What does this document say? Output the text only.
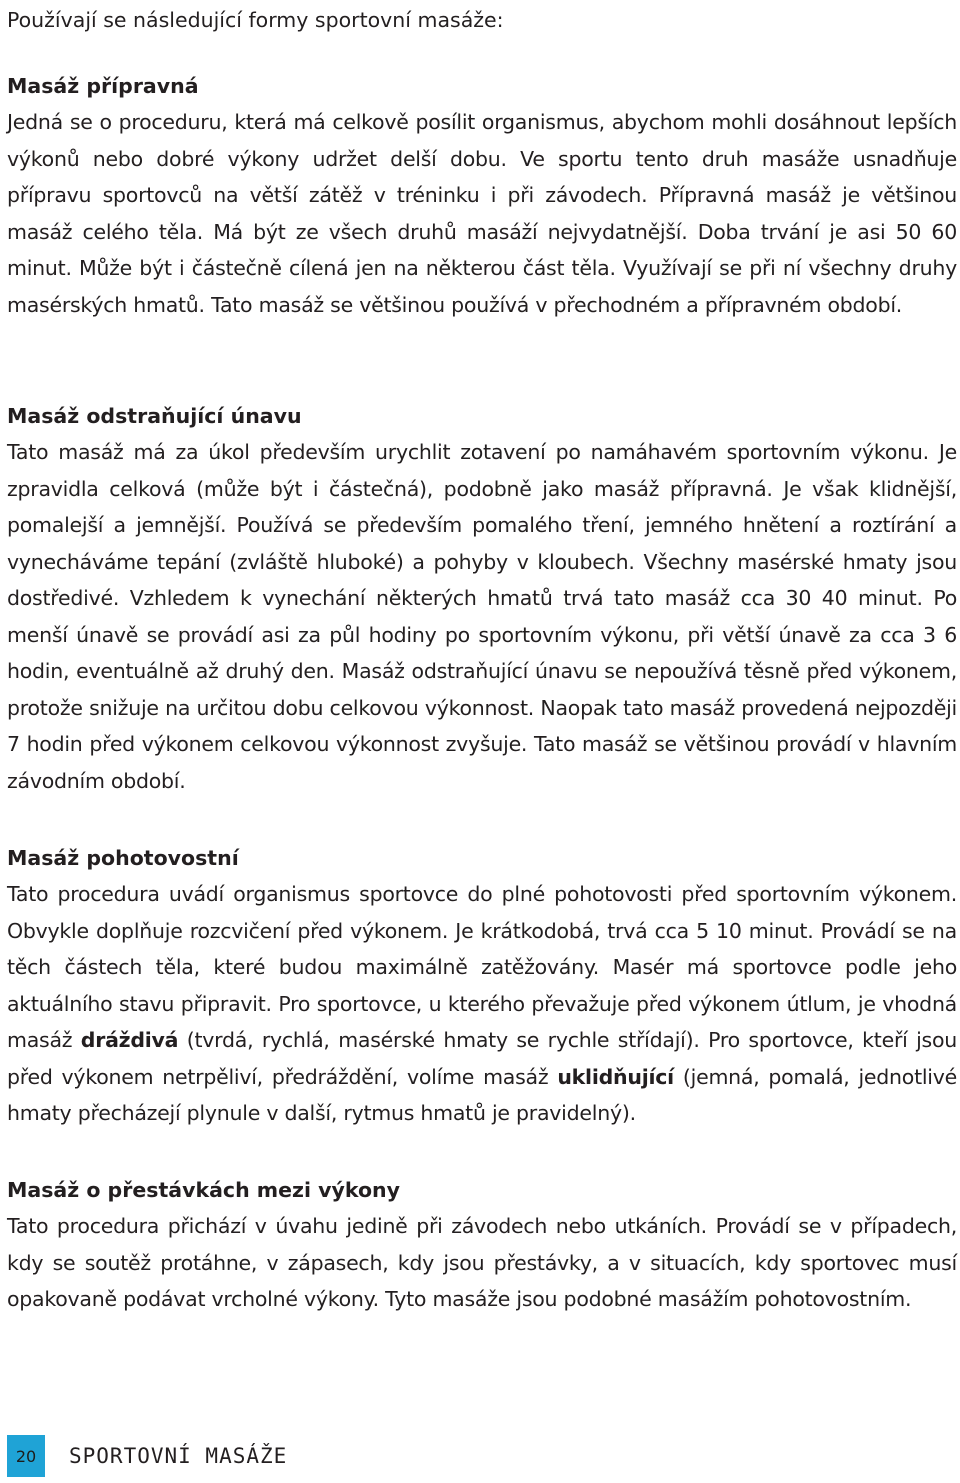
Používají se následující formy sportovní masáže:

Masáž přípravná

Jedná se o proceduru, která má celkově posílit organismus, abychom mohli dosáhnout lepších výkonů nebo dobré výkony udržet delší dobu. Ve sportu tento druh masáže usnadňuje přípravu sportovců na větší zátěž v tréninku i při závodech. Přípravná masáž je většinou masáž celého těla. Má být ze všech druhů masáží nejvydatnější. Doba trvání je asi 50 60 minut. Může být i částečně cílená jen na některou část těla. Využívají se při ní všechny druhy masérských hmatů. Tato masáž se většinou používá v přechodném a přípravném období.

Masáž odstraňující únavu

Tato masáž má za úkol především urychlit zotavení po namáhavém sportovním výkonu. Je zpravidla celková (může být i částečná), podobně jako masáž přípravná. Je však klidnější, pomalejší a jemnější. Používá se především pomalého tření, jemného hnětení a roztírání a vynecháváme tepání (zvláště hluboké) a pohyby v kloubech. Všechny masérské hmaty jsou dostředivé. Vzhledem k vynechání některých hmatů trvá tato masáž cca 30 40 minut. Po menší únavě se provádí asi za půl hodiny po sportovním výkonu, při větší únavě za cca 3 6 hodin, eventuálně až druhý den. Masáž odstraňující únavu se nepoužívá těsně před výkonem, protože snižuje na určitou dobu celkovou výkonnost. Naopak tato masáž provedená nejpozději 7 hodin před výkonem celkovou výkonnost zvyšuje. Tato masáž se většinou provádí v hlavním závodním období.

Masáž pohotovostní

Tato procedura uvádí organismus sportovce do plné pohotovosti před sportovním výkonem. Obvykle doplňuje rozcvičení před výkonem. Je krátkodobá, trvá cca 5 10 minut. Provádí se na těch částech těla, které budou maximálně zatěžovány. Masér má sportovce podle jeho aktuálního stavu připravit. Pro sportovce, u kterého převažuje před výkonem útlum, je vhodná masáž dráždivá (tvrdá, rychlá, masérské hmaty se rychle střídají). Pro sportovce, kteří jsou před výkonem netrpěliví, předráždění, volíme masáž uklidňující (jemná, pomalá, jednotlivé hmaty přecházejí plynule v další, rytmus hmatů je pravidelný).

Masáž o přestávkách mezi výkony

Tato procedura přichází v úvahu jedině při závodech nebo utkáních. Provádí se v případech, kdy se soutěž protáhne, v zápasech, kdy jsou přestávky, a v situacích, kdy sportovec musí opakovaně podávat vrcholné výkony. Tyto masáže jsou podobné masážím pohotovostním.

20	SPORTOVNÍ MASÁŽE
